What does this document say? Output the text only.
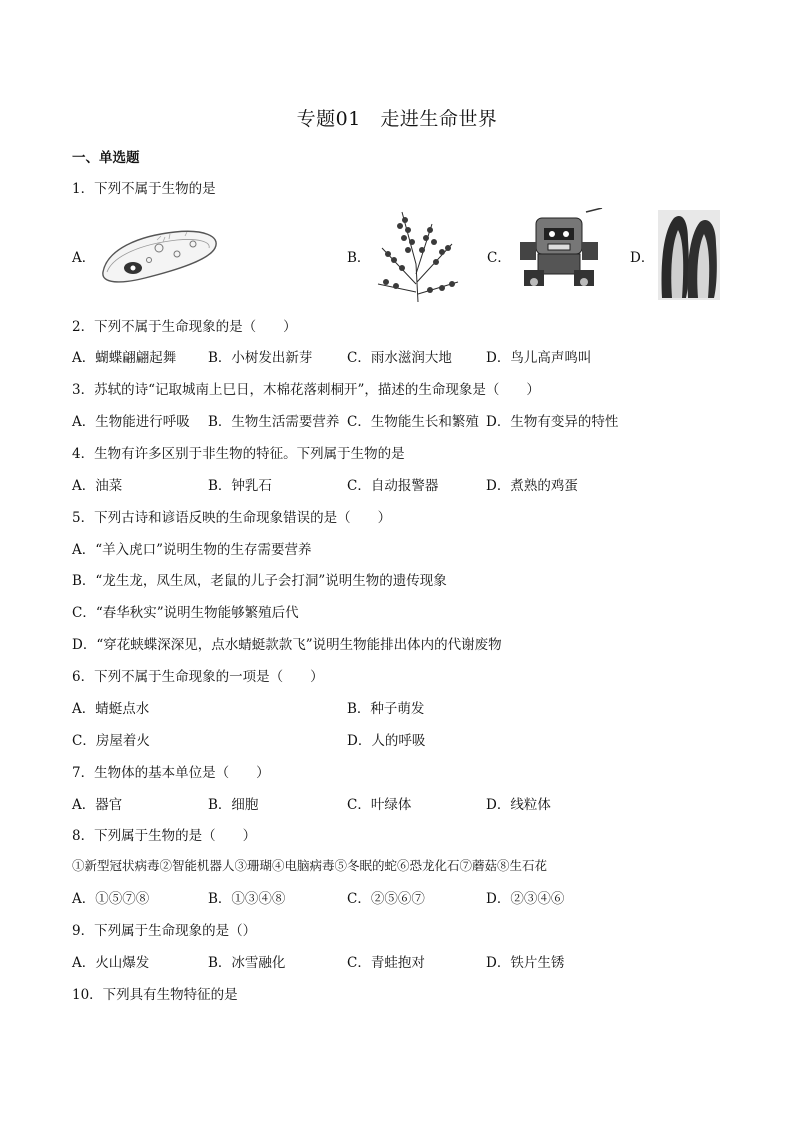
专题01　走进生命世界
一、单选题
1．下列不属于生物的是
A．	B．	C．	D．
2．下列不属于生命现象的是（　　）
A．蝴蝶翩翩起舞 B．小树发出新芽	C．雨水滋润大地	D．鸟儿高声鸣叫
3．苏轼的诗“记取城南上巳日，木棉花落刺桐开”，描述的生命现象是（　　）
A．生物能进行呼吸 B．生物生活需要营养 C．生物能生长和繁殖 D．生物有变异的特性
4．生物有许多区别于非生物的特征。下列属于生物的是
A．油菜	B．钟乳石	C．自动报警器	D．煮熟的鸡蛋
5．下列古诗和谚语反映的生命现象错误的是（　　）
A．“羊入虎口”说明生物的生存需要营养
B．“龙生龙，凤生凤，老鼠的儿子会打洞”说明生物的遗传现象
C．“春华秋实”说明生物能够繁殖后代
D．“穿花蛱蝶深深见，点水蜻蜓款款飞”说明生物能排出体内的代谢废物
6．下列不属于生命现象的一项是（　　）
A．蜻蜓点水	B．种子萌发
C．房屋着火	D．人的呼吸
7．生物体的基本单位是（　　）
A．器官	B．细胞	C．叶绿体	D．线粒体
8．下列属于生物的是（　　）
①新型冠状病毒②智能机器人③珊瑚④电脑病毒⑤冬眠的蛇⑥恐龙化石⑦蘑菇⑧生石花
A．①⑤⑦⑧	B．①③④⑧	C．②⑤⑥⑦	D．②③④⑥
9．下列属于生命现象的是（）
A．火山爆发	B．冰雪融化	C．青蛙抱对	D．铁片生锈
10．下列具有生物特征的是
